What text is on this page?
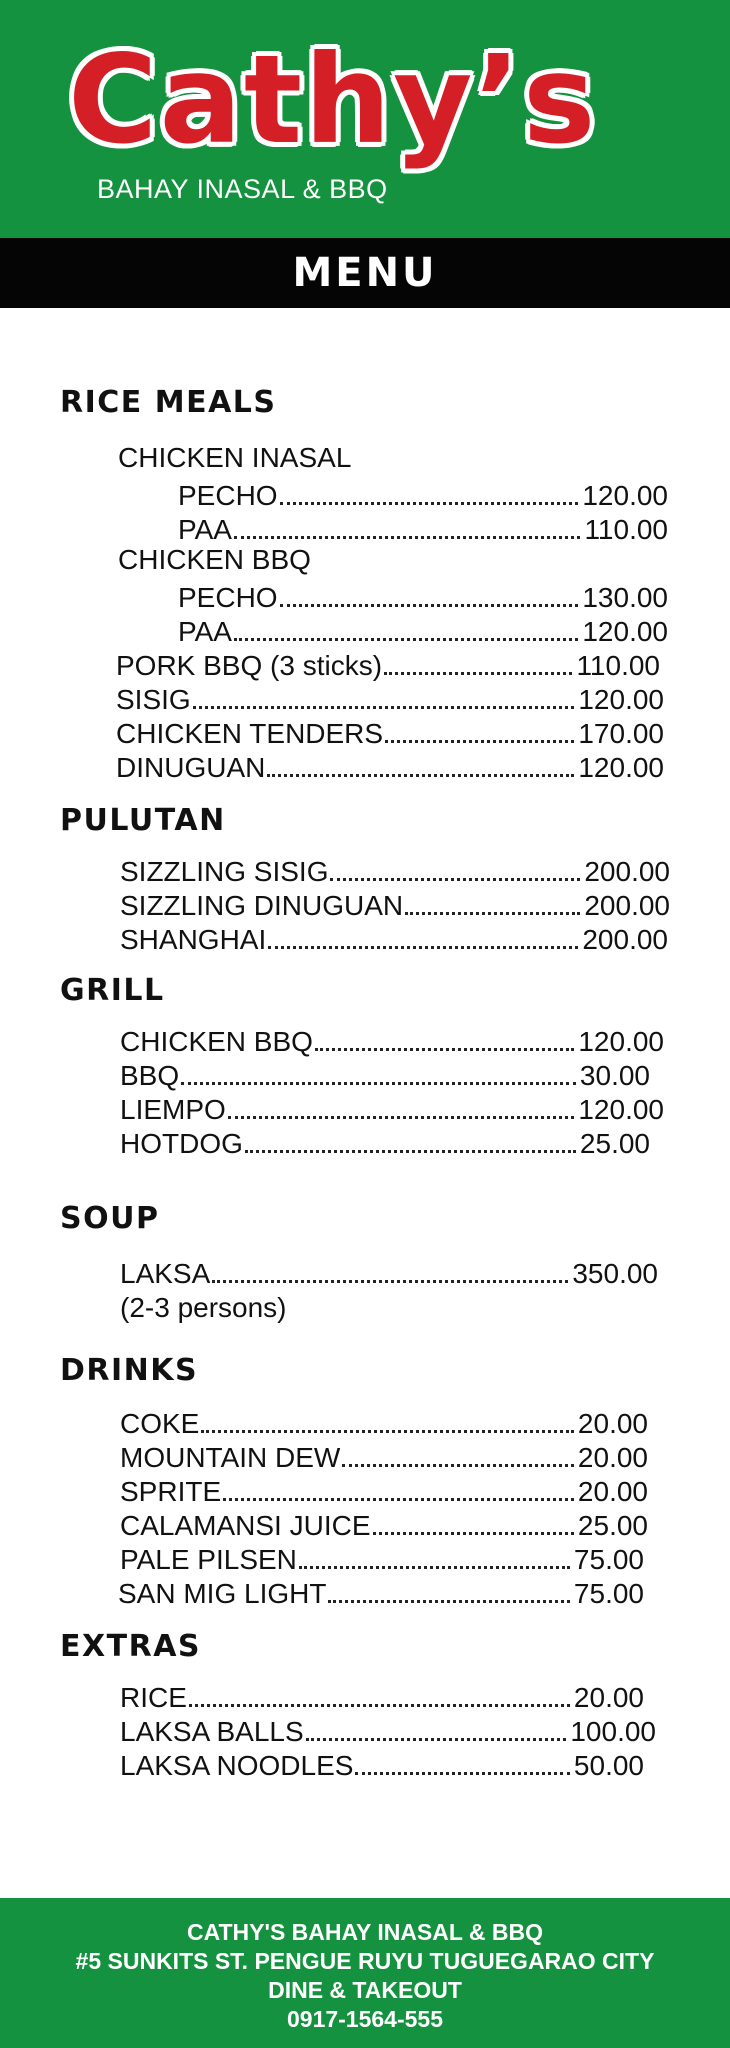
Cathy’s
BAHAY INASAL & BBQ
MENU
RICE MEALS
CHICKEN INASAL
PECHO	120.00
PAA	110.00
CHICKEN BBQ
PECHO	130.00
PAA	120.00
PORK BBQ (3 sticks)	110.00
SISIG	120.00
CHICKEN TENDERS	170.00
DINUGUAN	120.00
PULUTAN
SIZZLING SISIG	200.00
SIZZLING DINUGUAN	200.00
SHANGHAI	200.00
GRILL
CHICKEN BBQ	120.00
BBQ	30.00
LIEMPO	120.00
HOTDOG	25.00
SOUP
LAKSA	350.00
(2-3 persons)
DRINKS
COKE	20.00
MOUNTAIN DEW	20.00
SPRITE	20.00
CALAMANSI JUICE	25.00
PALE PILSEN	75.00
SAN MIG LIGHT	75.00
EXTRAS
RICE	20.00
LAKSA BALLS	100.00
LAKSA NOODLES	50.00
CATHY'S BAHAY INASAL & BBQ
#5 SUNKITS ST. PENGUE RUYU TUGUEGARAO CITY
DINE & TAKEOUT
0917-1564-555
